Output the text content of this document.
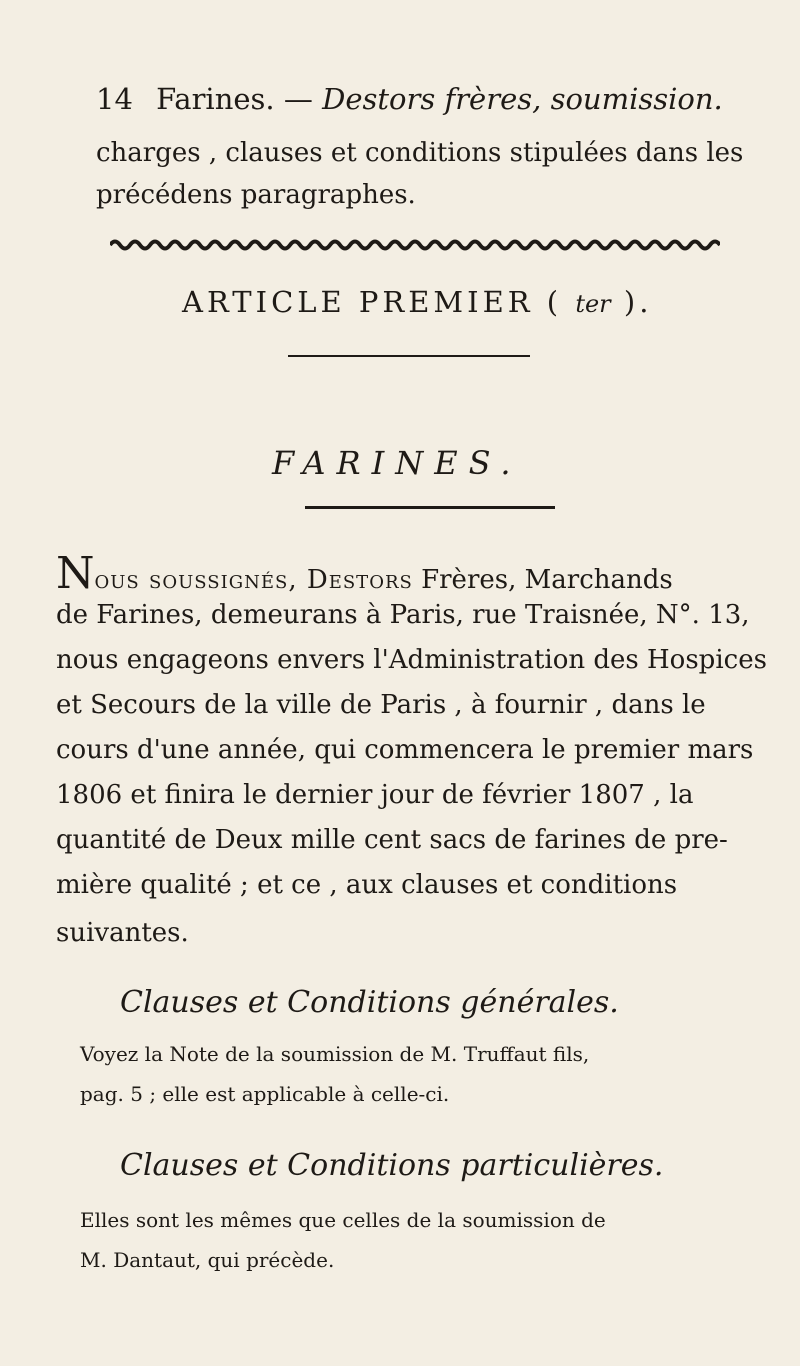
14 Farines. — Destors frères, soumission.
charges , clauses et conditions stipulées dans les
précédens paragraphes.
ARTICLE PREMIER ( ter ).
FARINES.
Nous soussignés, Destors Frères, Marchands
de Farines, demeurans à Paris, rue Traisnée, N°. 13,
nous engageons envers l'Administration des Hospices
et Secours de la ville de Paris , à fournir , dans le
cours d'une année, qui commencera le premier mars
1806 et finira le dernier jour de février 1807 , la
quantité de Deux mille cent sacs de farines de pre-
mière qualité ; et ce , aux clauses et conditions
suivantes.
Clauses et Conditions générales.
Voyez la Note de la soumission de M. Truffaut fils,
pag. 5 ; elle est applicable à celle-ci.
Clauses et Conditions particulières.
Elles sont les mêmes que celles de la soumission de
M. Dantaut, qui précède.
